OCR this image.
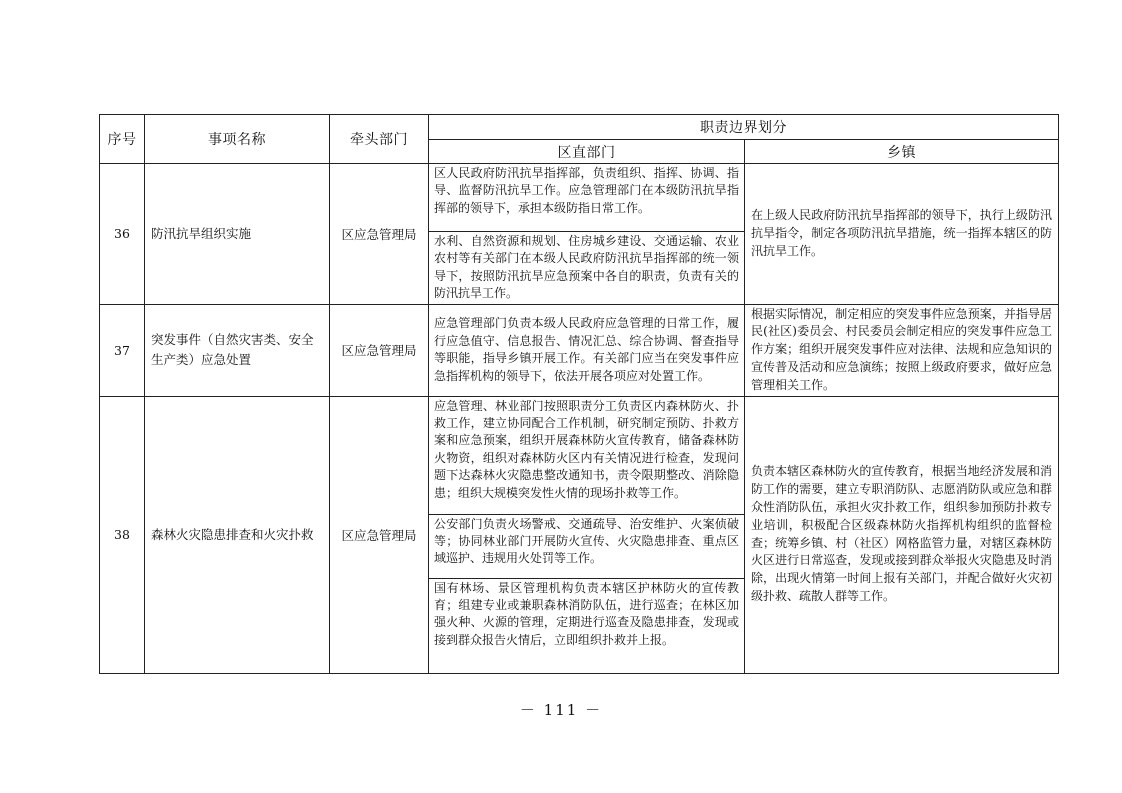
序号	事项名称	牵头部门	职责边界划分	
			区直部门	乡镇
36	防汛抗旱组织实施	区应急管理局	区人民政府防汛抗旱指挥部，负责组织、指挥、协调、指导、监督防汛抗旱工作。应急管理部门在本级防汛抗旱指挥部的领导下，承担本级防指日常工作。	在上级人民政府防汛抗旱指挥部的领导下，执行上级防汛抗旱指令，制定各项防汛抗旱措施，统一指挥本辖区的防汛抗旱工作。
			水利、自然资源和规划、住房城乡建设、交通运输、农业农村等有关部门在本级人民政府防汛抗旱指挥部的统一领导下，按照防汛抗旱应急预案中各自的职责，负责有关的防汛抗旱工作。	
37	突发事件（自然灾害类、安全生产类）应急处置	区应急管理局	应急管理部门负责本级人民政府应急管理的日常工作，履行应急值守、信息报告、情况汇总、综合协调、督查指导等职能，指导乡镇开展工作。有关部门应当在突发事件应急指挥机构的领导下，依法开展各项应对处置工作。	根据实际情况，制定相应的突发事件应急预案，并指导居民(社区)委员会、村民委员会制定相应的突发事件应急工作方案；组织开展突发事件应对法律、法规和应急知识的宣传普及活动和应急演练；按照上级政府要求，做好应急管理相关工作。
38	森林火灾隐患排查和火灾扑救	区应急管理局	应急管理、林业部门按照职责分工负责区内森林防火、扑救工作，建立协同配合工作机制，研究制定预防、扑救方案和应急预案，组织开展森林防火宣传教育，储备森林防火物资，组织对森林防火区内有关情况进行检查，发现问题下达森林火灾隐患整改通知书，责令限期整改、消除隐患；组织大规模突发性火情的现场扑救等工作。	负责本辖区森林防火的宣传教育，根据当地经济发展和消防工作的需要，建立专职消防队、志愿消防队或应急和群众性消防队伍，承担火灾扑救工作，组织参加预防扑救专业培训，积极配合区级森林防火指挥机构组织的监督检查；统筹乡镇、村（社区）网格监管力量，对辖区森林防火区进行日常巡查，发现或接到群众举报火灾隐患及时消除，出现火情第一时间上报有关部门，并配合做好火灾初级扑救、疏散人群等工作。
			公安部门负责火场警戒、交通疏导、治安维护、火案侦破等；协同林业部门开展防火宣传、火灾隐患排查、重点区域巡护、违规用火处罚等工作。	
			国有林场、景区管理机构负责本辖区护林防火的宣传教育；组建专业或兼职森林消防队伍，进行巡查；在林区加强火种、火源的管理，定期进行巡查及隐患排查，发现或接到群众报告火情后，立即组织扑救并上报。	
－ 111 －
